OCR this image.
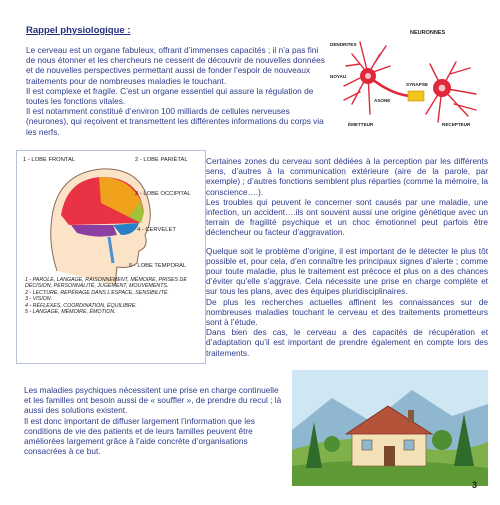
Rappel physiologique :

Le cerveau est un organe fabuleux, offrant d’immenses capacités ; il n’a pas fini de nous étonner et les chercheurs ne cessent de découvrir de nouvelles données et de nouvelles perspectives permettant aussi de fonder l’espoir de nouveaux traitements pour de nombreuses maladies le touchant.

Il est complexe et fragile. C’est un organe essentiel qui assure la régulation de toutes les fonctions vitales.

Il est notamment constitué d’environ 100 milliards de cellules nerveuses (neurones), qui reçoivent et transmettent les différentes informations du corps via les nerfs.

NEURONNES
DENDRITES
NOYAU
AXONE
SYNAPSE
ÉMETTEUR	RECEPTEUR
1 - LOBE FRONTAL	2 - LOBE PARIÉTAL
3 - LOBE OCCIPITAL
4 - CERVELET
5 - LOBE TEMPORAL
1 - PAROLE, LANGAGE, RAISONNEMENT, MÉMOIRE, PRISES DE DÉCISION, PERSONNALITÉ, JUGEMENT, MOUVEMENTS.
2 - LECTURE, REPÉRAGE DANS L’ESPACE, SENSIBILITÉ.
3 - VISION.
4 - RÉFLEXES, COORDINATION, ÉQUILIBRE.
5 - LANGAGE, MÉMOIRE, ÉMOTION.

Certaines zones du cerveau sont dédiées à la perception par les différents sens, d’autres à la communication extérieure (aire de la parole, par exemple) ; d’autres fonctions semblent plus réparties (comme la mémoire, la conscience….).

Les troubles qui peuvent le concerner sont causés par une maladie, une infection, un accident….ils ont souvent aussi une origine génétique avec un terrain de fragilité psychique et un choc émotionnel peut parfois être déclencheur ou facteur d’aggravation.

Quelque soit le problème d’origine, il est important de le détecter le plus tôt possible et, pour cela, d’en connaître les principaux signes d’alerte ; comme pour toute maladie, plus le traitement est précoce et plus on a des chances d’éviter qu’elle s’aggrave. Cela nécessite une prise en charge complète et sur tous les plans, avec des équipes pluridisciplinaires.

De plus les recherches actuelles affinent les connaissances sur de nombreuses maladies touchant le cerveau et des traitements prometteurs sont à l’étude.

Dans bien des cas, le cerveau a des capacités de récupération et d’adaptation qu’il est important de prendre également en compte lors des traitements.

Les maladies psychiques nécessitent une prise en charge continuelle et les familles ont besoin aussi de « souffler », de prendre du recul ; là aussi des solutions existent.

Il est donc important de diffuser largement l’information que les conditions de vie des patients et de leurs familles peuvent être améliorées largement grâce à l’aide concrète d’organisations consacrées à ce but.

3
